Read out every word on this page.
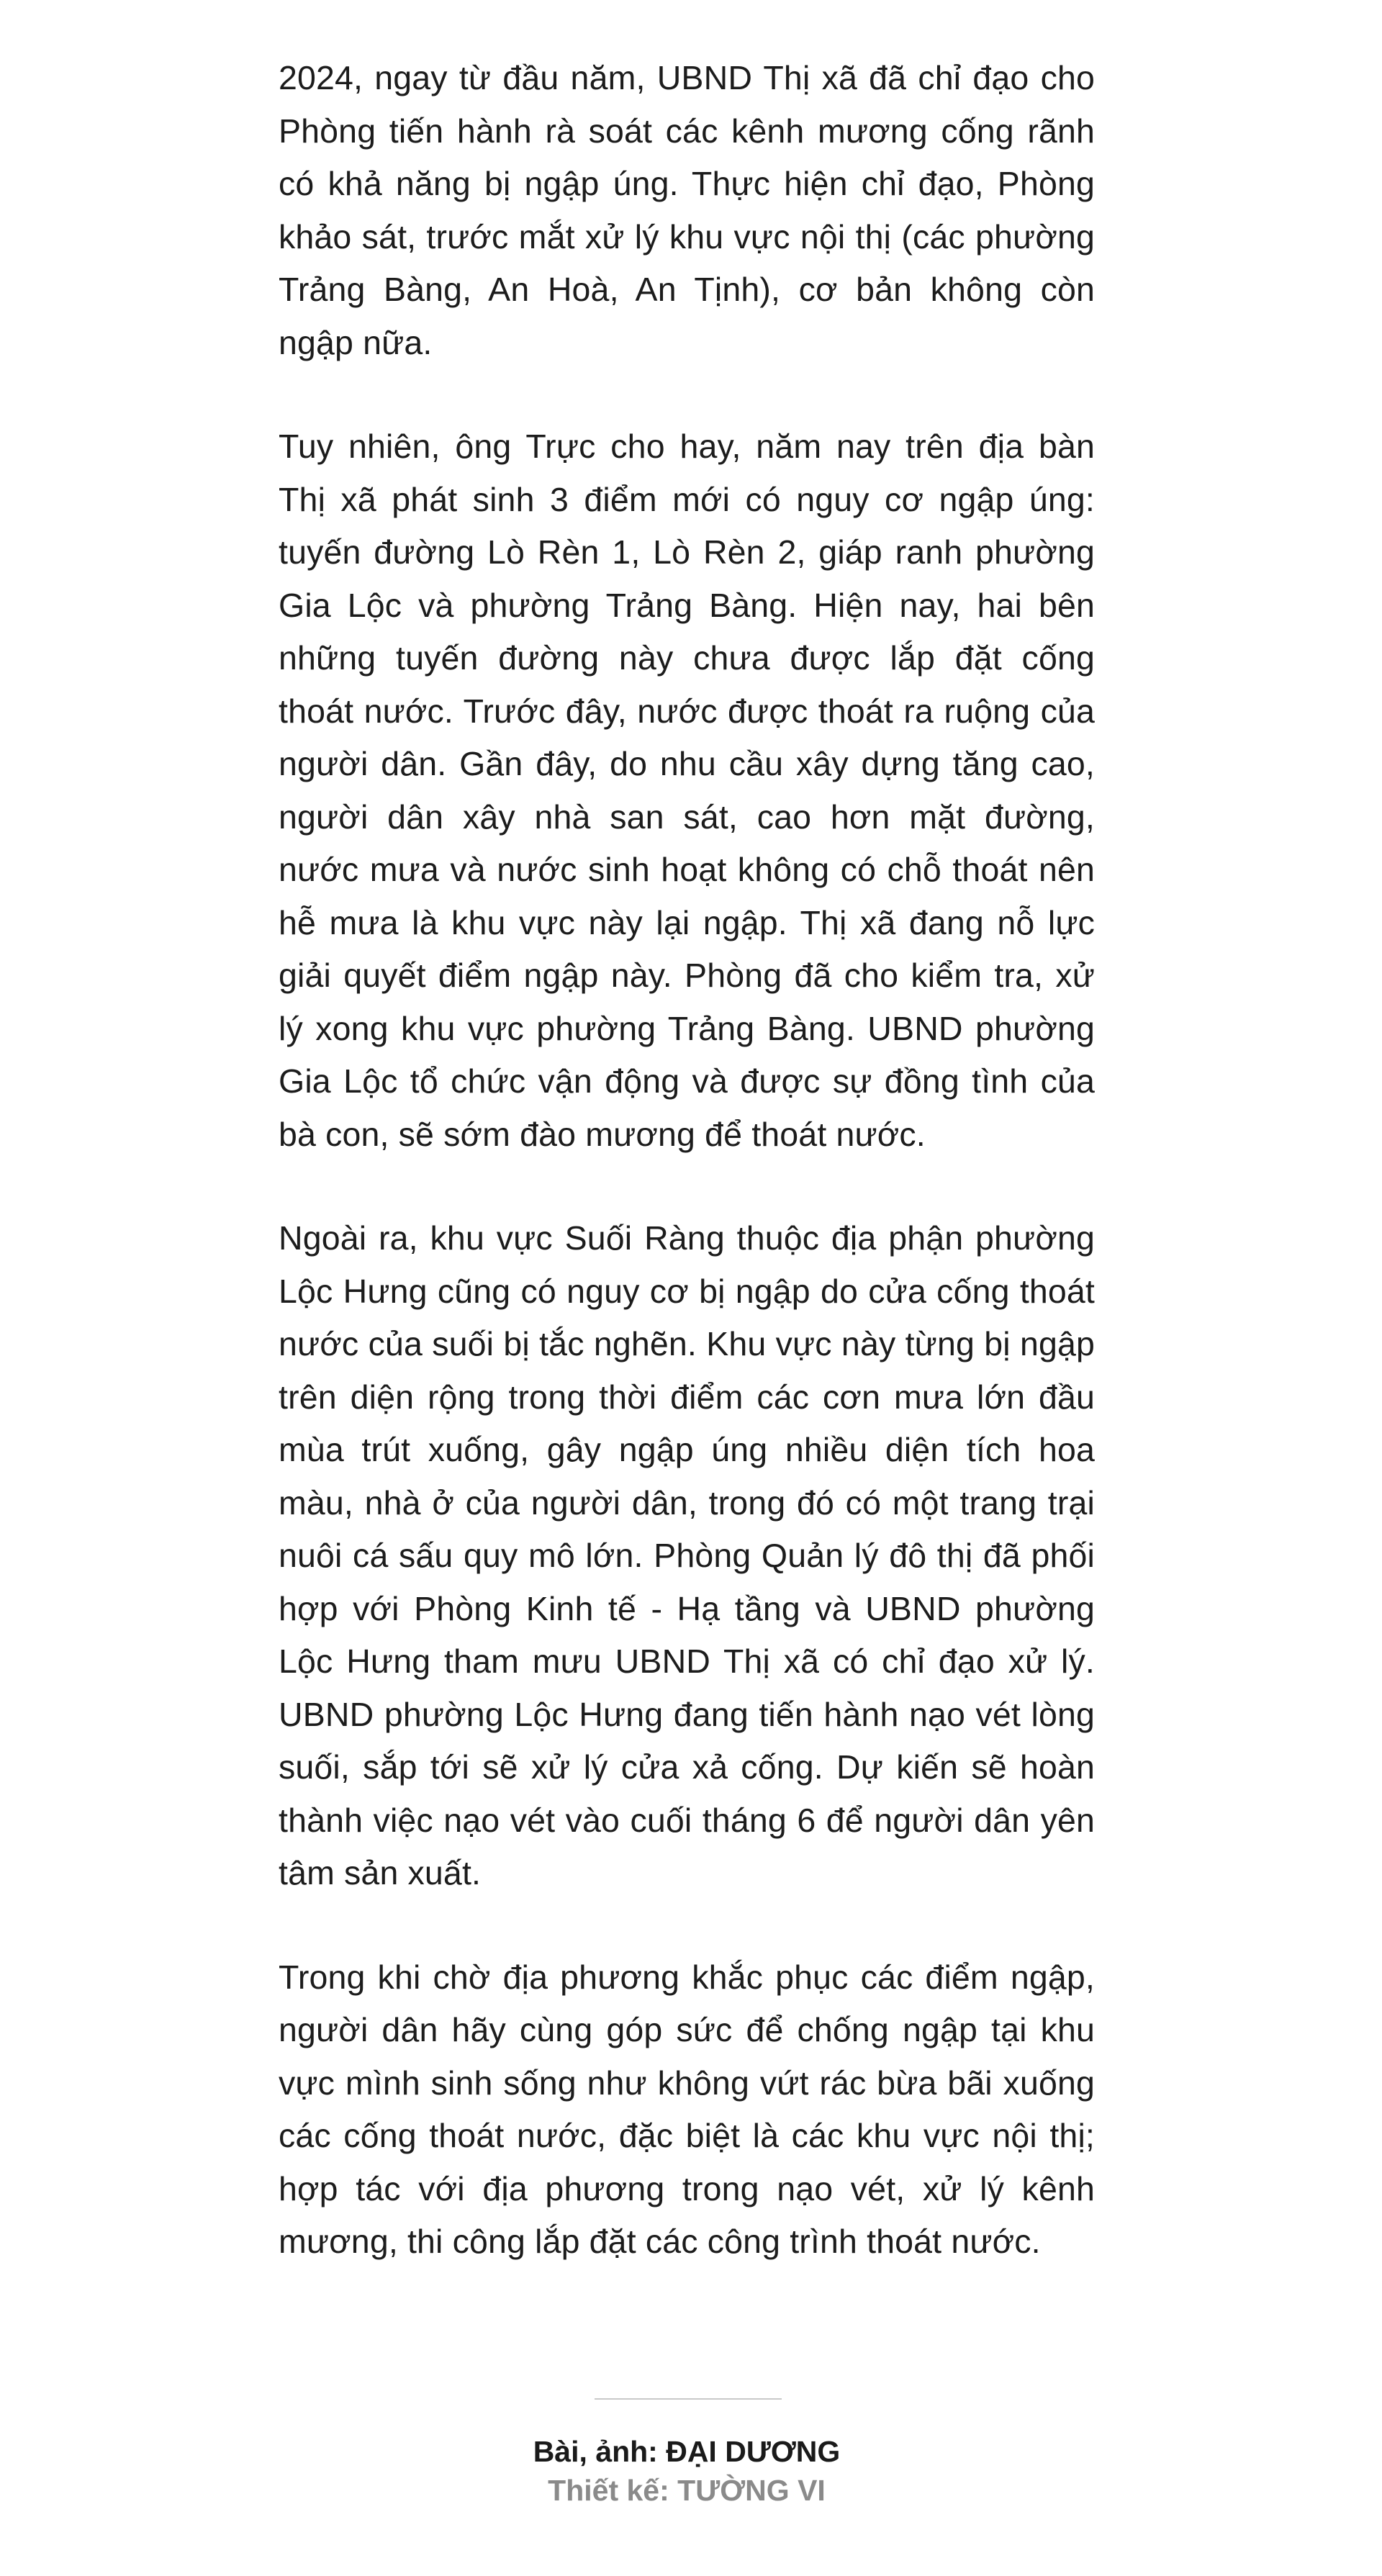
2024, ngay từ đầu năm, UBND Thị xã đã chỉ đạo cho Phòng tiến hành rà soát các kênh mương cống rãnh có khả năng bị ngập úng. Thực hiện chỉ đạo, Phòng khảo sát, trước mắt xử lý khu vực nội thị (các phường Trảng Bàng, An Hoà, An Tịnh), cơ bản không còn ngập nữa.

Tuy nhiên, ông Trực cho hay, năm nay trên địa bàn Thị xã phát sinh 3 điểm mới có nguy cơ ngập úng: tuyến đường Lò Rèn 1, Lò Rèn 2, giáp ranh phường Gia Lộc và phường Trảng Bàng. Hiện nay, hai bên những tuyến đường này chưa được lắp đặt cống thoát nước. Trước đây, nước được thoát ra ruộng của người dân. Gần đây, do nhu cầu xây dựng tăng cao, người dân xây nhà san sát, cao hơn mặt đường, nước mưa và nước sinh hoạt không có chỗ thoát nên hễ mưa là khu vực này lại ngập. Thị xã đang nỗ lực giải quyết điểm ngập này. Phòng đã cho kiểm tra, xử lý xong khu vực phường Trảng Bàng. UBND phường Gia Lộc tổ chức vận động và được sự đồng tình của bà con, sẽ sớm đào mương để thoát nước.

Ngoài ra, khu vực Suối Ràng thuộc địa phận phường Lộc Hưng cũng có nguy cơ bị ngập do cửa cống thoát nước của suối bị tắc nghẽn. Khu vực này từng bị ngập trên diện rộng trong thời điểm các cơn mưa lớn đầu mùa trút xuống, gây ngập úng nhiều diện tích hoa màu, nhà ở của người dân, trong đó có một trang trại nuôi cá sấu quy mô lớn. Phòng Quản lý đô thị đã phối hợp với Phòng Kinh tế - Hạ tầng và UBND phường Lộc Hưng tham mưu UBND Thị xã có chỉ đạo xử lý. UBND phường Lộc Hưng đang tiến hành nạo vét lòng suối, sắp tới sẽ xử lý cửa xả cống. Dự kiến sẽ hoàn thành việc nạo vét vào cuối tháng 6 để người dân yên tâm sản xuất.

Trong khi chờ địa phương khắc phục các điểm ngập, người dân hãy cùng góp sức để chống ngập tại khu vực mình sinh sống như không vứt rác bừa bãi xuống các cống thoát nước, đặc biệt là các khu vực nội thị; hợp tác với địa phương trong nạo vét, xử lý kênh mương, thi công lắp đặt các công trình thoát nước.

Bài, ảnh: ĐẠI DƯƠNG
Thiết kế: TƯỜNG VI
